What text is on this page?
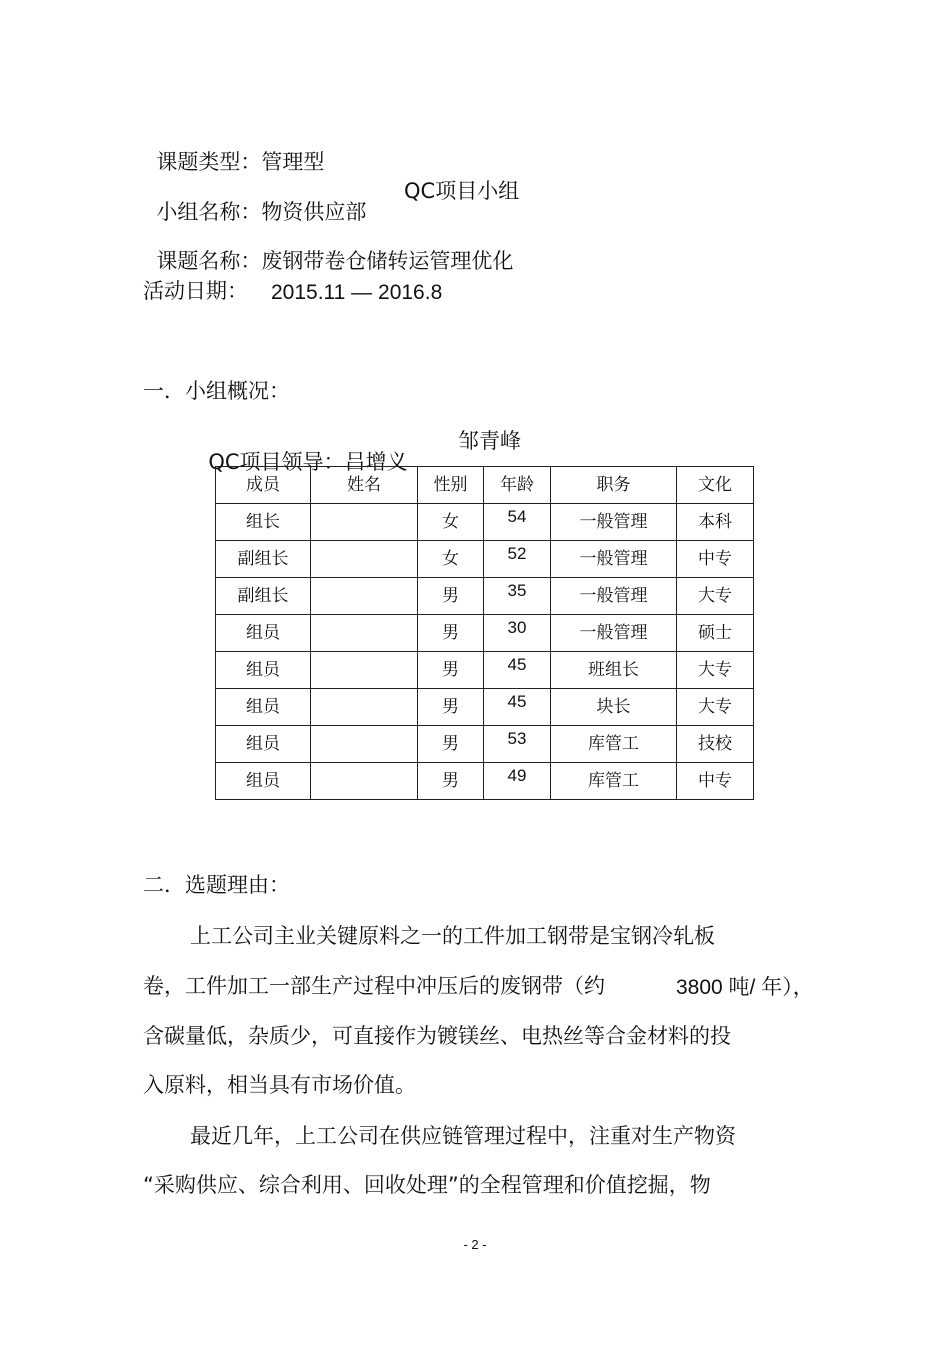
课题类型：管理型

小组名称：物资供应部

QC项目小组

课题名称：废钢带卷仓储转运管理优化

活动日期： 2015.11 — 2016.8
一．小组概况：

QC项目领导：吕增义

邹青峰
成员	姓名	性别	年龄	职务	文化
组长		女	54	一般管理	本科
副组长		女	52	一般管理	中专
副组长		男	35	一般管理	大专
组员		男	30	一般管理	硕士
组员		男	45	班组长	大专
组员		男	45	块长	大专
组员		男	53	库管工	技校
组员		男	49	库管工	中专
二．选题理由：
上工公司主业关键原料之一的工件加工钢带是宝钢冷轧板
卷，工件加工一部生产过程中冲压后的废钢带（约	3800 吨/ 年），
含碳量低，杂质少，可直接作为镀镁丝、电热丝等合金材料的投
入原料，相当具有市场价值。
最近几年，上工公司在供应链管理过程中，注重对生产物资
“采购供应、综合利用、回收处理”的全程管理和价值挖掘，物
- 2 -
